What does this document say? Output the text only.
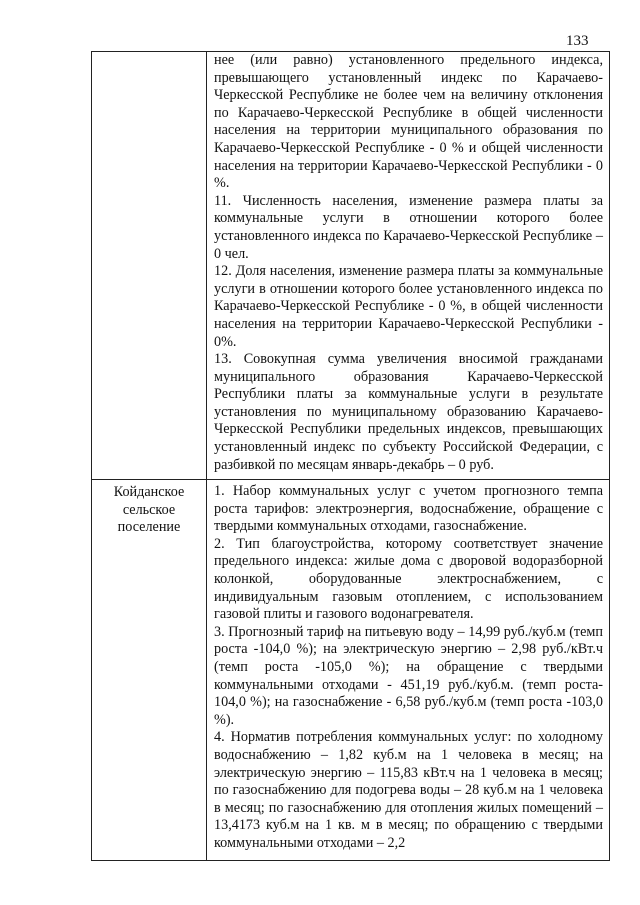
133

	нее (или равно) установленного предельного индекса, превышающего установленный индекс по Карачаево-Черкесской Республике не более чем на величину отклонения по Карачаево-Черкесской Республике в общей численности населения на территории муниципального образования по Карачаево-Черкесской Республике - 0 % и общей численности населения на территории Карачаево-Черкесской Республики - 0 %.

11. Численность населения, изменение размера платы за коммунальные услуги в отношении которого более установленного индекса по Карачаево-Черкесской Республике – 0 чел.

12. Доля населения, изменение размера платы за коммунальные услуги в отношении которого более установленного индекса по Карачаево-Черкесской Республике - 0 %, в общей численности населения на территории Карачаево-Черкесской Республики - 0%.

13. Совокупная сумма увеличения вносимой гражданами муниципального образования Карачаево-Черкесской Республики платы за коммунальные услуги в результате установления по муниципальному образованию Карачаево-Черкесской Республики предельных индексов, превышающих установленный индекс по субъекту Российской Федерации, с разбивкой по месяцам январь-декабрь – 0 руб.

Койданское сельское поселение	1. Набор коммунальных услуг с учетом прогнозного темпа роста тарифов: электроэнергия, водоснабжение, обращение с твердыми коммунальных отходами, газоснабжение.

2. Тип благоустройства, которому соответствует значение предельного индекса: жилые дома с дворовой водоразборной колонкой, оборудованные электроснабжением, с индивидуальным газовым отоплением, с использованием газовой плиты и газового водонагревателя.

3. Прогнозный тариф на питьевую воду – 14,99 руб./куб.м (темп роста -104,0 %); на электрическую энергию – 2,98 руб./кВт.ч (темп роста -105,0 %); на обращение с твердыми коммунальными отходами - 451,19 руб./куб.м. (темп роста- 104,0 %); на газоснабжение - 6,58 руб./куб.м (темп роста -103,0 %).

4. Норматив потребления коммунальных услуг: по холодному водоснабжению – 1,82 куб.м на 1 человека в месяц; на электрическую энергию – 115,83 кВт.ч на 1 человека в месяц; по газоснабжению для подогрева воды – 28 куб.м на 1 человека в месяц; по газоснабжению для отопления жилых помещений – 13,4173 куб.м на 1 кв. м в месяц; по обращению с твердыми коммунальными отходами – 2,2
